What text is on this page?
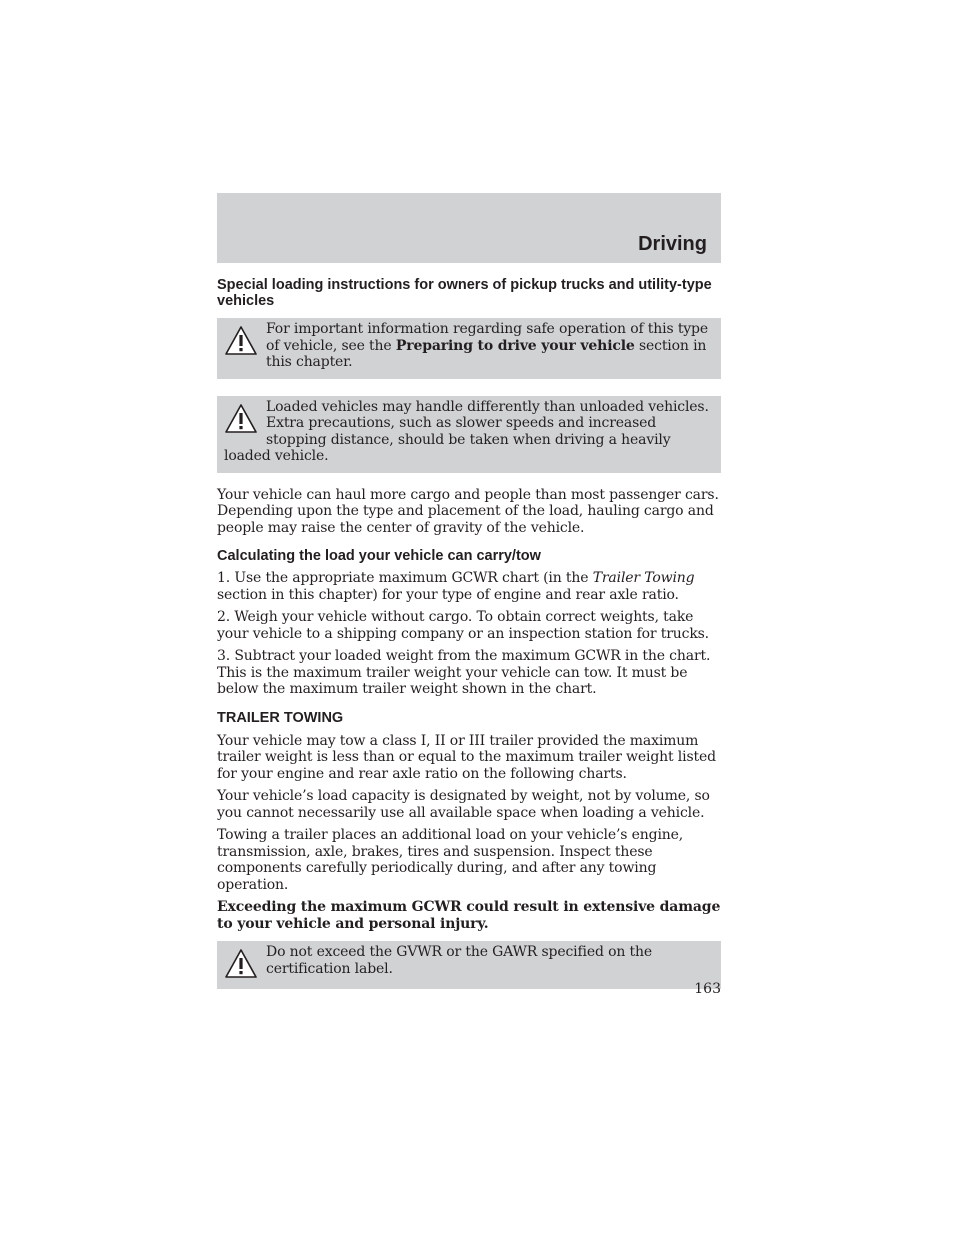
Driving
Special loading instructions for owners of pickup trucks and utility-type vehicles
For important information regarding safe operation of this type of vehicle, see the Preparing to drive your vehicle section in this chapter.
Loaded vehicles may handle differently than unloaded vehicles. Extra precautions, such as slower speeds and increased stopping distance, should be taken when driving a heavily loaded vehicle.

Your vehicle can haul more cargo and people than most passenger cars. Depending upon the type and placement of the load, hauling cargo and people may raise the center of gravity of the vehicle.

Calculating the load your vehicle can carry/tow

1. Use the appropriate maximum GCWR chart (in the Trailer Towing section in this chapter) for your type of engine and rear axle ratio.

2. Weigh your vehicle without cargo. To obtain correct weights, take your vehicle to a shipping company or an inspection station for trucks.

3. Subtract your loaded weight from the maximum GCWR in the chart. This is the maximum trailer weight your vehicle can tow. It must be below the maximum trailer weight shown in the chart.

TRAILER TOWING

Your vehicle may tow a class I, II or III trailer provided the maximum trailer weight is less than or equal to the maximum trailer weight listed for your engine and rear axle ratio on the following charts.

Your vehicle’s load capacity is designated by weight, not by volume, so you cannot necessarily use all available space when loading a vehicle.

Towing a trailer places an additional load on your vehicle’s engine, transmission, axle, brakes, tires and suspension. Inspect these components carefully periodically during, and after any towing operation.

Exceeding the maximum GCWR could result in extensive damage to your vehicle and personal injury.

Do not exceed the GVWR or the GAWR specified on the certification label.
163
